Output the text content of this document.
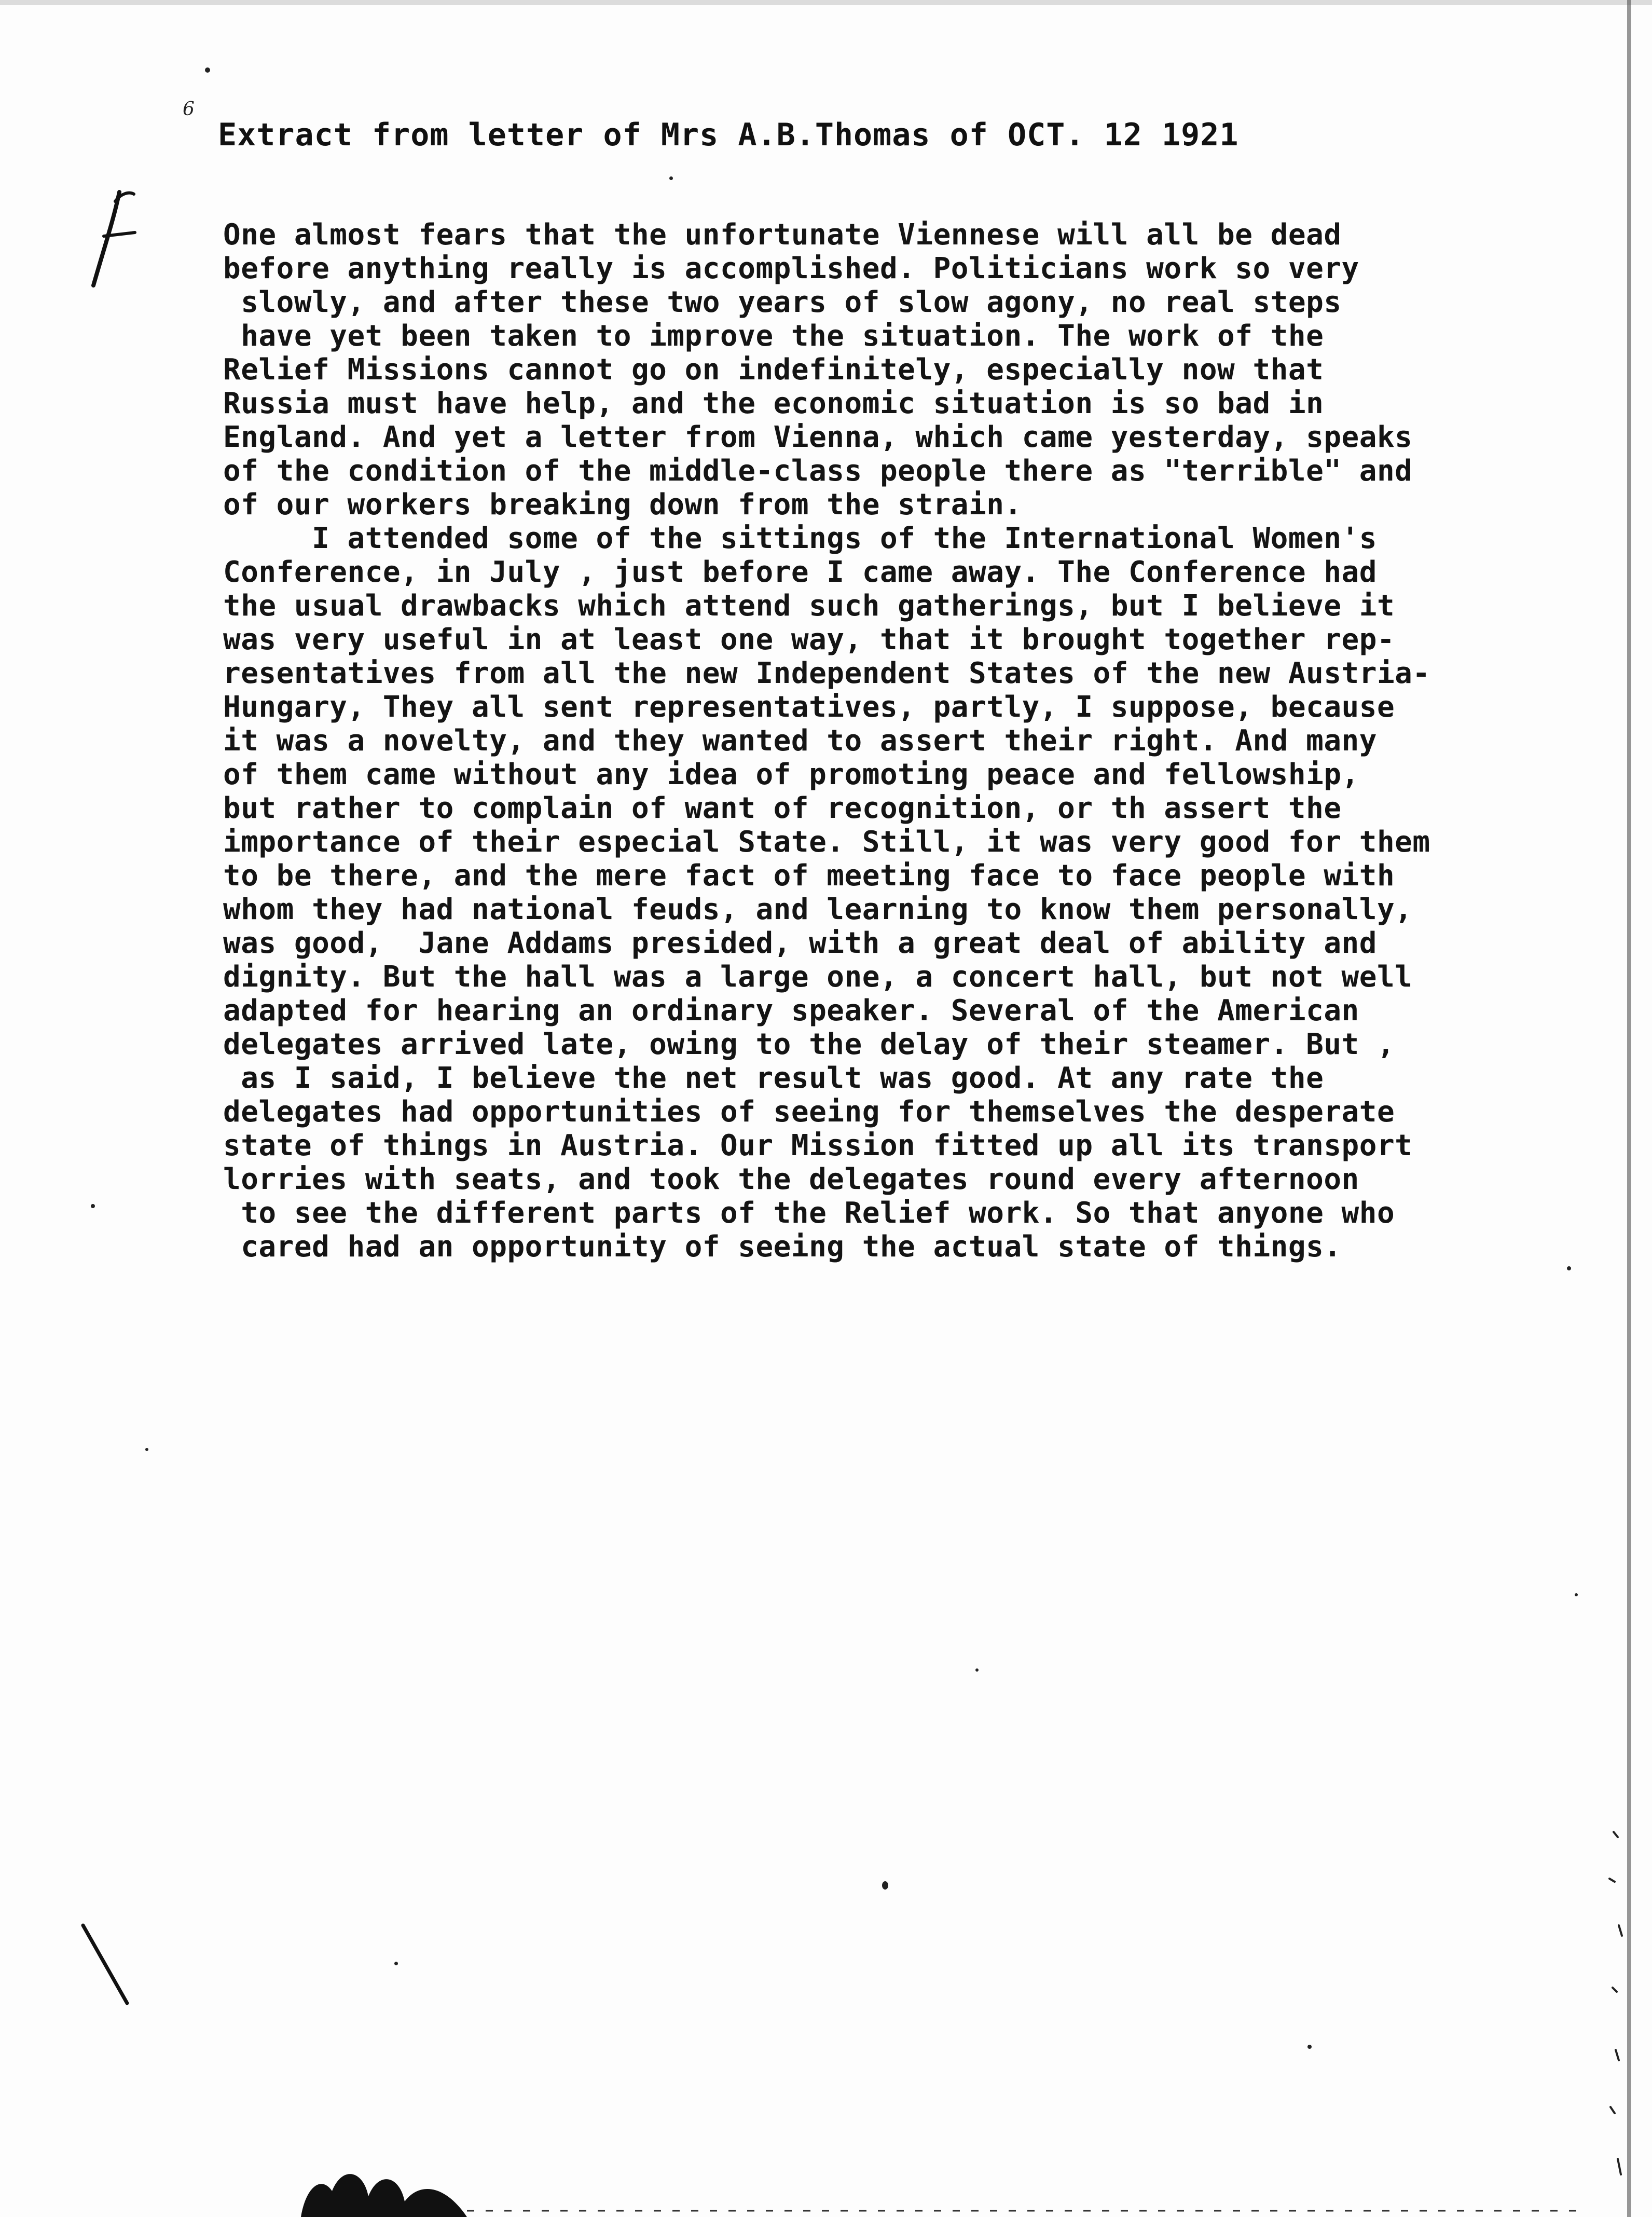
6
Extract from letter of Mrs A.B.Thomas of OCT. 12 1921
One almost fears that the unfortunate Viennese will all be dead
before anything really is accomplished. Politicians work so very
slowly, and after these two years of slow agony, no real steps
have yet been taken to improve the situation. The work of the
Relief Missions cannot go on indefinitely, especially now that
Russia must have help, and the economic situation is so bad in
England. And yet a letter from Vienna, which came yesterday, speaks
of the condition of the middle-class people there as "terrible" and
of our workers breaking down from the strain.
I attended some of the sittings of the International Women's
Conference, in July , just before I came away. The Conference had
the usual drawbacks which attend such gatherings, but I believe it
was very useful in at least one way, that it brought together rep-
resentatives from all the new Independent States of the new Austria-
Hungary, They all sent representatives, partly, I suppose, because
it was a novelty, and they wanted to assert their right. And many
of them came without any idea of promoting peace and fellowship,
but rather to complain of want of recognition, or th assert the
importance of their especial State. Still, it was very good for them
to be there, and the mere fact of meeting face to face people with
whom they had national feuds, and learning to know them personally,
was good,  Jane Addams presided, with a great deal of ability and
dignity. But the hall was a large one, a concert hall, but not well
adapted for hearing an ordinary speaker. Several of the American
delegates arrived late, owing to the delay of their steamer. But ,
as I said, I believe the net result was good. At any rate the
delegates had opportunities of seeing for themselves the desperate
state of things in Austria. Our Mission fitted up all its transport
lorries with seats, and took the delegates round every afternoon
to see the different parts of the Relief work. So that anyone who
cared had an opportunity of seeing the actual state of things.
